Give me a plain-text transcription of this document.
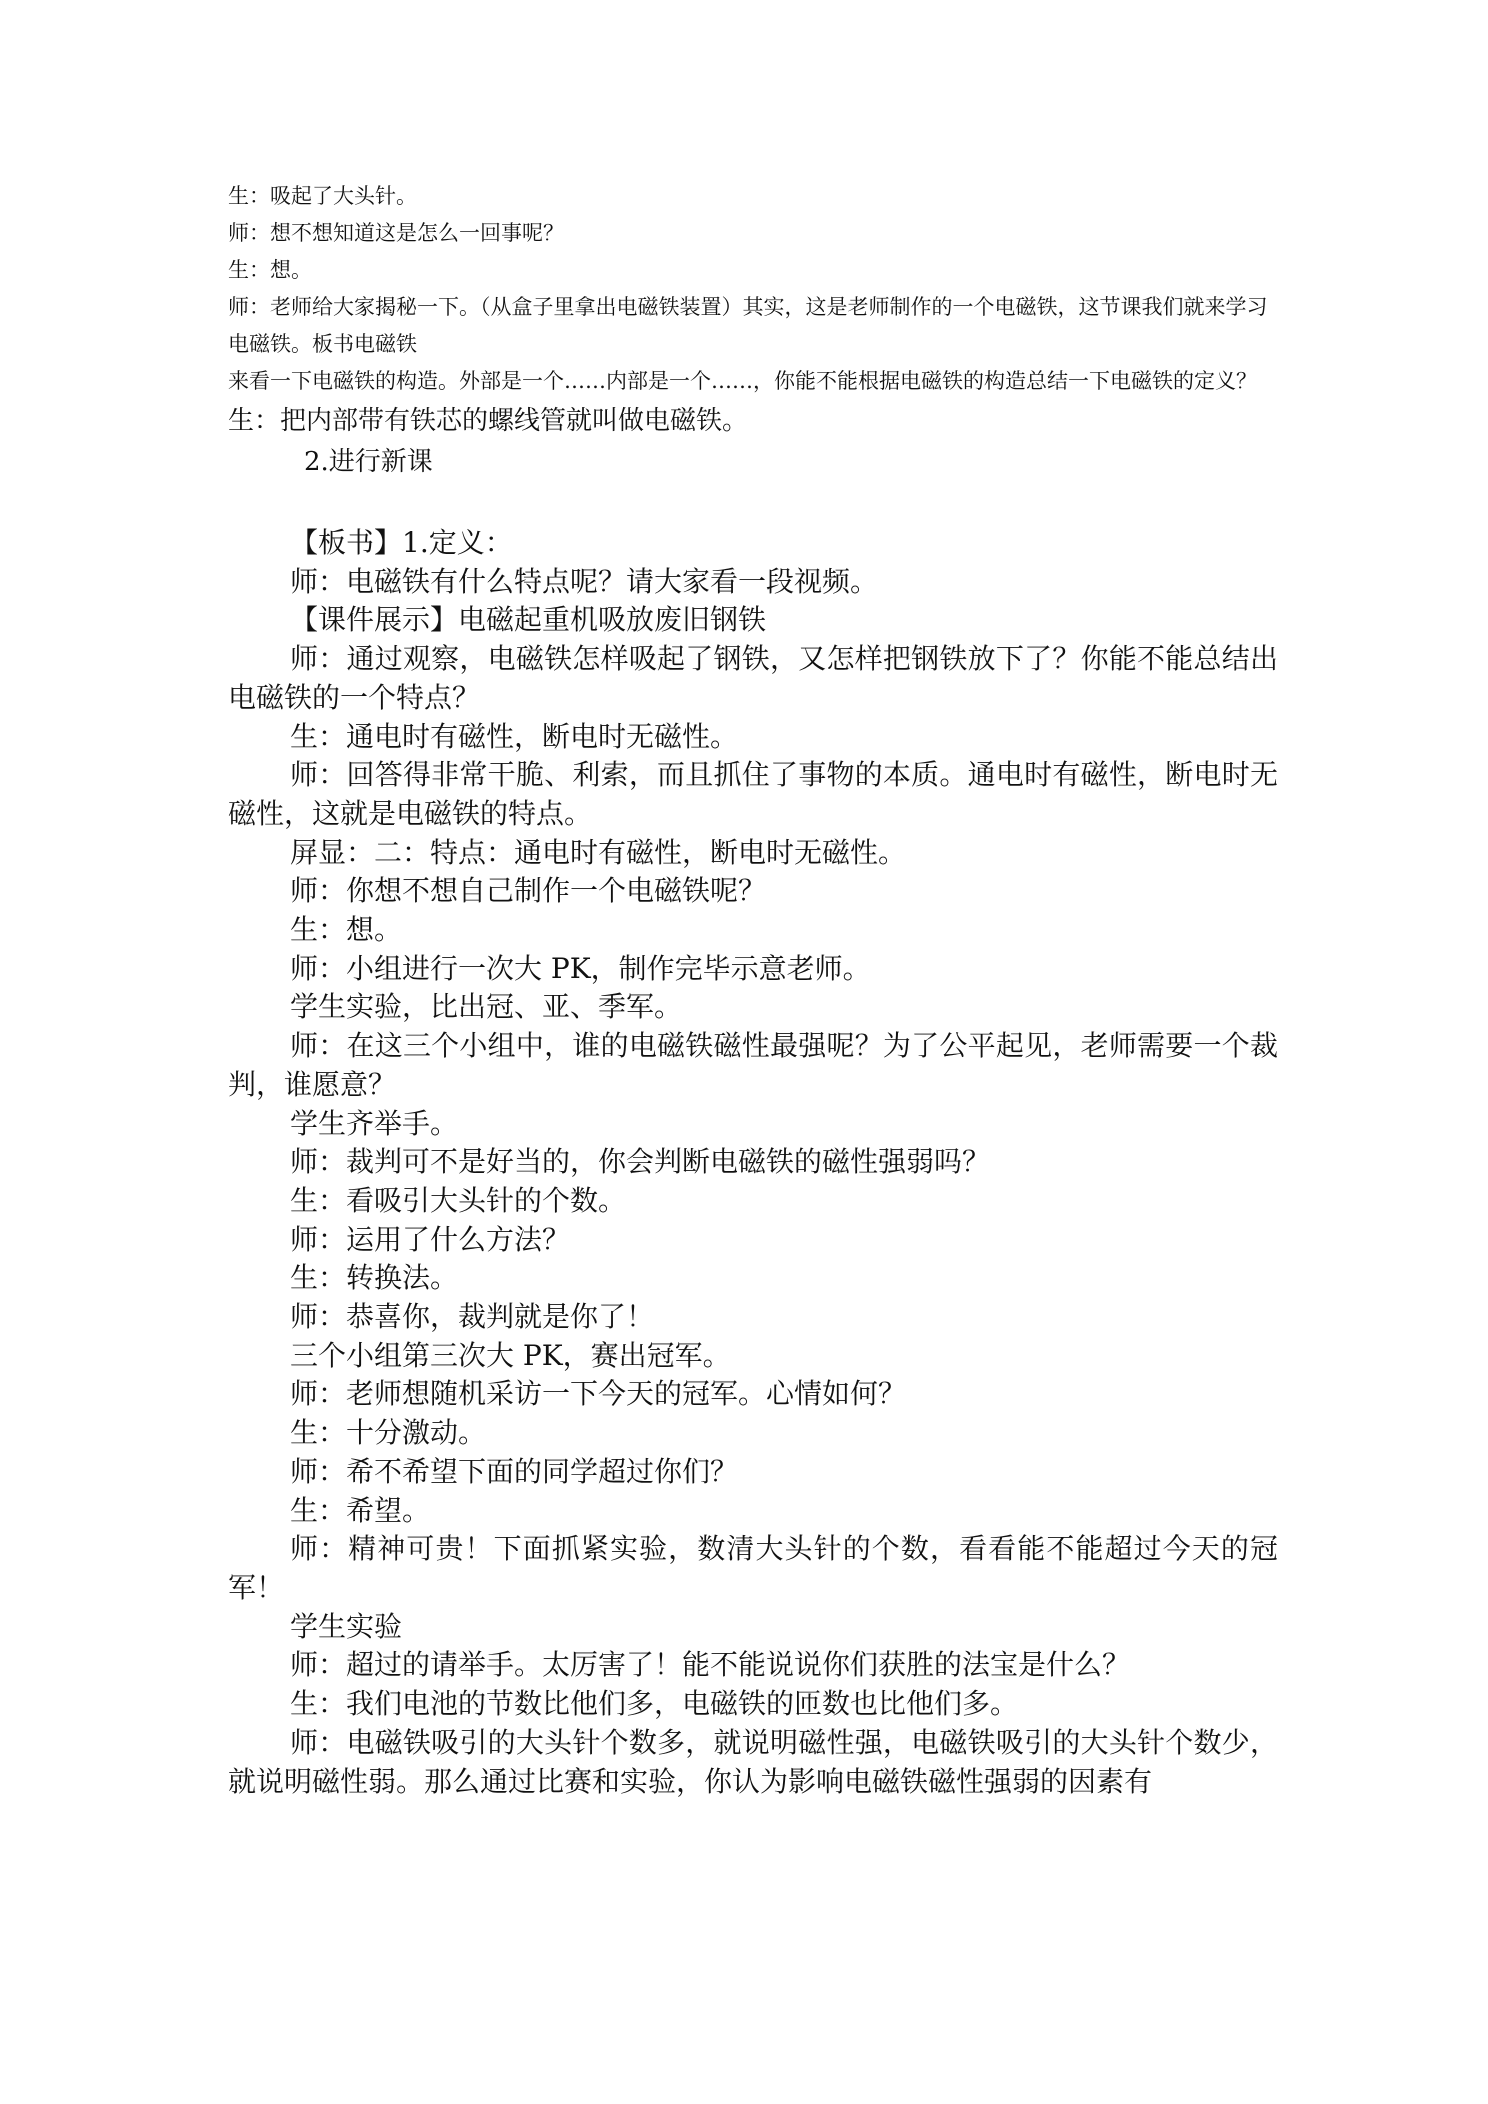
生：吸起了大头针。

师：想不想知道这是怎么一回事呢？

生：想。

师：老师给大家揭秘一下。（从盒子里拿出电磁铁装置）其实，这是老师制作的一个电磁铁，这节课我们就来学习电磁铁。板书电磁铁

来看一下电磁铁的构造。外部是一个……内部是一个……，你能不能根据电磁铁的构造总结一下电磁铁的定义？

生：把内部带有铁芯的螺线管就叫做电磁铁。

2.进行新课

【板书】1.定义：

师：电磁铁有什么特点呢？请大家看一段视频。

【课件展示】电磁起重机吸放废旧钢铁

师：通过观察，电磁铁怎样吸起了钢铁，又怎样把钢铁放下了？你能不能总结出电磁铁的一个特点？

生：通电时有磁性，断电时无磁性。

师：回答得非常干脆、利索，而且抓住了事物的本质。通电时有磁性，断电时无磁性，这就是电磁铁的特点。

屏显：二：特点：通电时有磁性，断电时无磁性。

师：你想不想自己制作一个电磁铁呢？

生：想。

师：小组进行一次大 PK，制作完毕示意老师。

学生实验，比出冠、亚、季军。

师：在这三个小组中，谁的电磁铁磁性最强呢？为了公平起见，老师需要一个裁判，谁愿意？

学生齐举手。

师：裁判可不是好当的，你会判断电磁铁的磁性强弱吗？

生：看吸引大头针的个数。

师：运用了什么方法？

生：转换法。

师：恭喜你，裁判就是你了！

三个小组第三次大 PK，赛出冠军。

师：老师想随机采访一下今天的冠军。心情如何？

生：十分激动。

师：希不希望下面的同学超过你们？

生：希望。

师：精神可贵！下面抓紧实验，数清大头针的个数，看看能不能超过今天的冠军！

学生实验

师：超过的请举手。太厉害了！能不能说说你们获胜的法宝是什么？

生：我们电池的节数比他们多，电磁铁的匝数也比他们多。

师：电磁铁吸引的大头针个数多，就说明磁性强，电磁铁吸引的大头针个数少，就说明磁性弱。那么通过比赛和实验，你认为影响电磁铁磁性强弱的因素有
